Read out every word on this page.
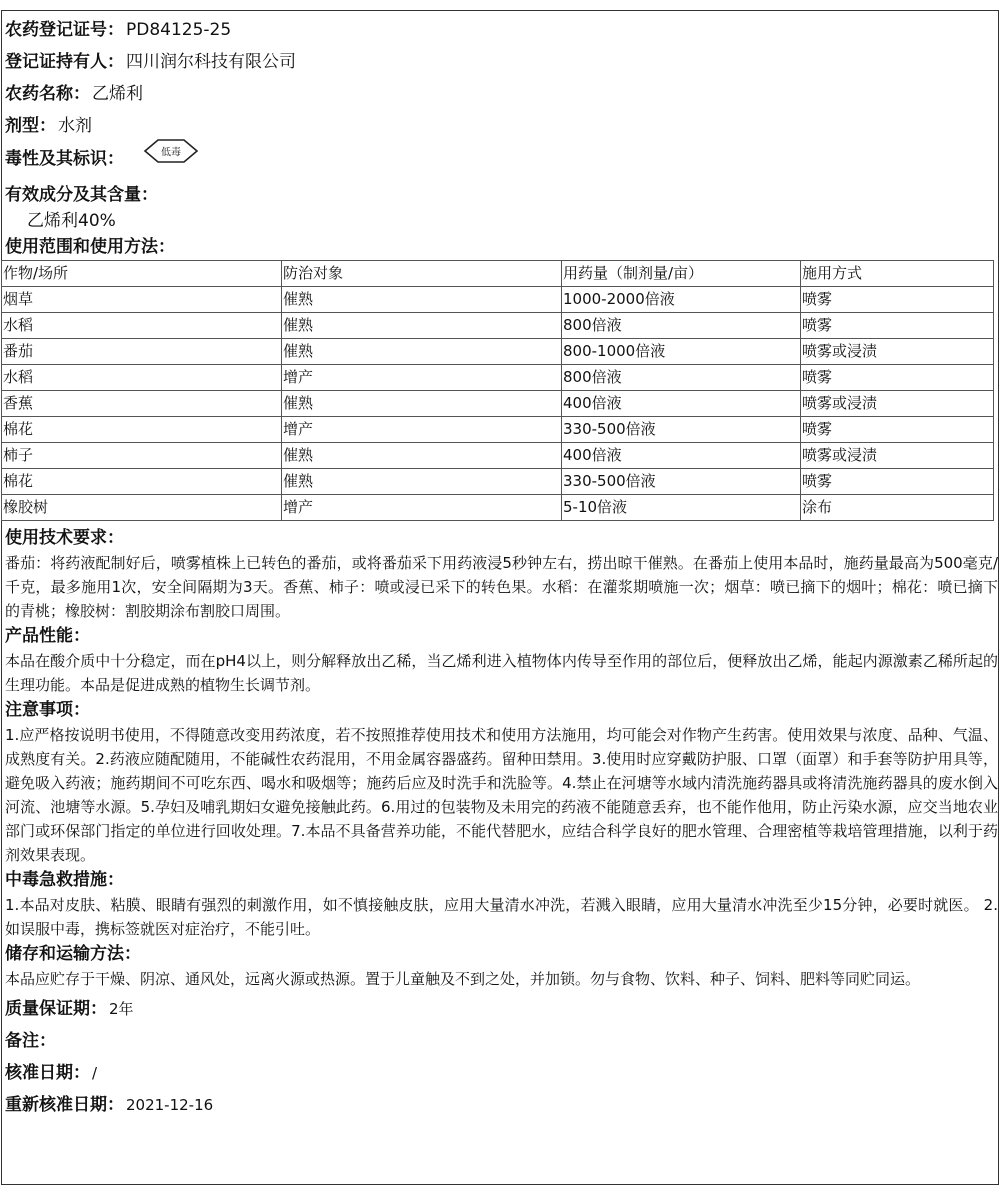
农药登记证号： PD84125-25
登记证持有人： 四川润尔科技有限公司
农药名称： 乙烯利
剂型： 水剂
毒性及其标识：	低毒
有效成分及其含量：
乙烯利40%
使用范围和使用方法：
作物/场所	防治对象	用药量（制剂量/亩）	施用方式
烟草	催熟	1000-2000倍液	喷雾
水稻	催熟	800倍液	喷雾
番茄	催熟	800-1000倍液	喷雾或浸渍
水稻	增产	800倍液	喷雾
香蕉	催熟	400倍液	喷雾或浸渍
棉花	增产	330-500倍液	喷雾
柿子	催熟	400倍液	喷雾或浸渍
棉花	催熟	330-500倍液	喷雾
橡胶树	增产	5-10倍液	涂布
使用技术要求：
番茄：将药液配制好后，喷雾植株上已转色的番茄，或将番茄采下用药液浸5秒钟左右，捞出晾干催熟。在番茄上使用本品时，施药量最高为500毫克/千克，最多施用1次，安全间隔期为3天。香蕉、柿子：喷或浸已采下的转色果。水稻：在灌浆期喷施一次；烟草：喷已摘下的烟叶；棉花：喷已摘下的青桃；橡胶树：割胶期涂布割胶口周围。
产品性能：
本品在酸介质中十分稳定，而在pH4以上，则分解释放出乙稀，当乙烯利进入植物体内传导至作用的部位后，便释放出乙烯，能起内源激素乙稀所起的生理功能。本品是促进成熟的植物生长调节剂。
注意事项：
1.应严格按说明书使用，不得随意改变用药浓度，若不按照推荐使用技术和使用方法施用，均可能会对作物产生药害。使用效果与浓度、品种、气温、成熟度有关。2.药液应随配随用，不能碱性农药混用，不用金属容器盛药。留种田禁用。3.使用时应穿戴防护服、口罩（面罩）和手套等防护用具等，避免吸入药液；施药期间不可吃东西、喝水和吸烟等；施药后应及时洗手和洗脸等。4.禁止在河塘等水域内清洗施药器具或将清洗施药器具的废水倒入河流、池塘等水源。5.孕妇及哺乳期妇女避免接触此药。6.用过的包装物及未用完的药液不能随意丢弃，也不能作他用，防止污染水源，应交当地农业部门或环保部门指定的单位进行回收处理。7.本品不具备营养功能，不能代替肥水，应结合科学良好的肥水管理、合理密植等栽培管理措施，以利于药剂效果表现。
中毒急救措施：
1.本品对皮肤、粘膜、眼睛有强烈的刺激作用，如不慎接触皮肤，应用大量清水冲洗，若溅入眼睛，应用大量清水冲洗至少15分钟，必要时就医。 2.如误服中毒，携标签就医对症治疗，不能引吐。
储存和运输方法：
本品应贮存于干燥、阴凉、通风处，远离火源或热源。置于儿童触及不到之处，并加锁。勿与食物、饮料、种子、饲料、肥料等同贮同运。
质量保证期： 2年
备注：
核准日期： /
重新核准日期： 2021-12-16
